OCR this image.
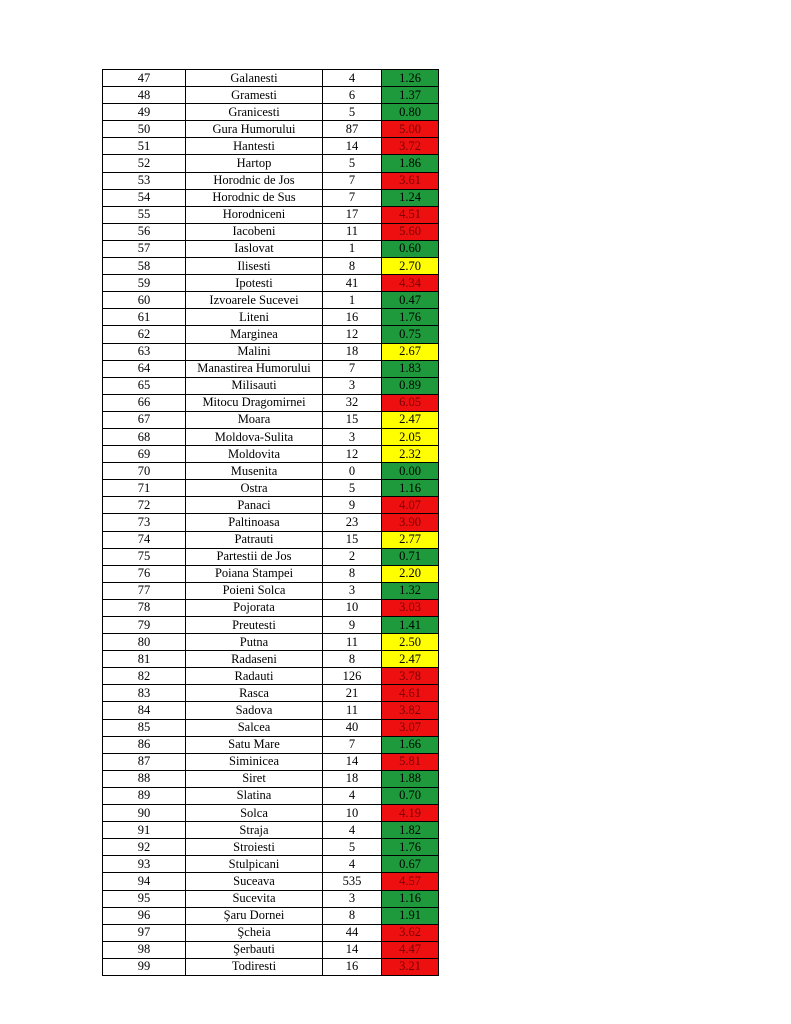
47	Galanesti	4	1.26
48	Gramesti	6	1.37
49	Granicesti	5	0.80
50	Gura Humorului	87	5.00
51	Hantesti	14	3.72
52	Hartop	5	1.86
53	Horodnic de Jos	7	3.61
54	Horodnic de Sus	7	1.24
55	Horodniceni	17	4.51
56	Iacobeni	11	5.60
57	Iaslovat	1	0.60
58	Ilisesti	8	2.70
59	Ipotesti	41	4.34
60	Izvoarele Sucevei	1	0.47
61	Liteni	16	1.76
62	Marginea	12	0.75
63	Malini	18	2.67
64	Manastirea Humorului	7	1.83
65	Milisauti	3	0.89
66	Mitocu Dragomirnei	32	6.05
67	Moara	15	2.47
68	Moldova-Sulita	3	2.05
69	Moldovita	12	2.32
70	Musenita	0	0.00
71	Ostra	5	1.16
72	Panaci	9	4.07
73	Paltinoasa	23	3.90
74	Patrauti	15	2.77
75	Partestii de Jos	2	0.71
76	Poiana Stampei	8	2.20
77	Poieni Solca	3	1.32
78	Pojorata	10	3.03
79	Preutesti	9	1.41
80	Putna	11	2.50
81	Radaseni	8	2.47
82	Radauti	126	3.78
83	Rasca	21	4.61
84	Sadova	11	3.82
85	Salcea	40	3.07
86	Satu Mare	7	1.66
87	Siminicea	14	5.81
88	Siret	18	1.88
89	Slatina	4	0.70
90	Solca	10	4.19
91	Straja	4	1.82
92	Stroiesti	5	1.76
93	Stulpicani	4	0.67
94	Suceava	535	4.57
95	Sucevita	3	1.16
96	Şaru Dornei	8	1.91
97	Şcheia	44	3.62
98	Şerbauti	14	4.47
99	Todiresti	16	3.21
